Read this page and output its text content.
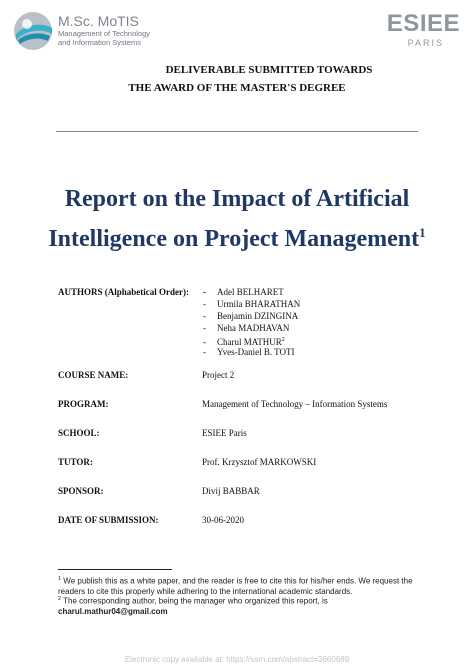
M.Sc. MoTIS
Management of Technology
and Information Systems
ESIEE
PARIS
DELIVERABLE SUBMITTED TOWARDS
THE AWARD OF THE MASTER'S DEGREE
Report on the Impact of Artificial
Intelligence on Project Management$^1$
AUTHORS (Alphabetical Order): - Adel BELHARET
- Urmila BHARATHAN
- Benjamin DZINGINA
- Neha MADHAVAN
- Charul MATHUR$^2$
- Yves-Daniel B. TOTI
COURSE NAME:	Project 2
PROGRAM:	Management of Technology – Information Systems
SCHOOL:	ESIEE Paris
TUTOR:	Prof. Krzysztof MARKOWSKI
SPONSOR:	Divij BABBAR
DATE OF SUBMISSION:	30-06-2020
$^1$ We publish this as a white paper, and the reader is free to cite this for his/her ends. We request the readers to cite this properly while adhering to the international academic standards.
$^2$ The corresponding author, being the manager who organized this report, is
charul.mathur04@gmail.com
Electronic copy available at: https://ssrn.com/abstract=3660689
